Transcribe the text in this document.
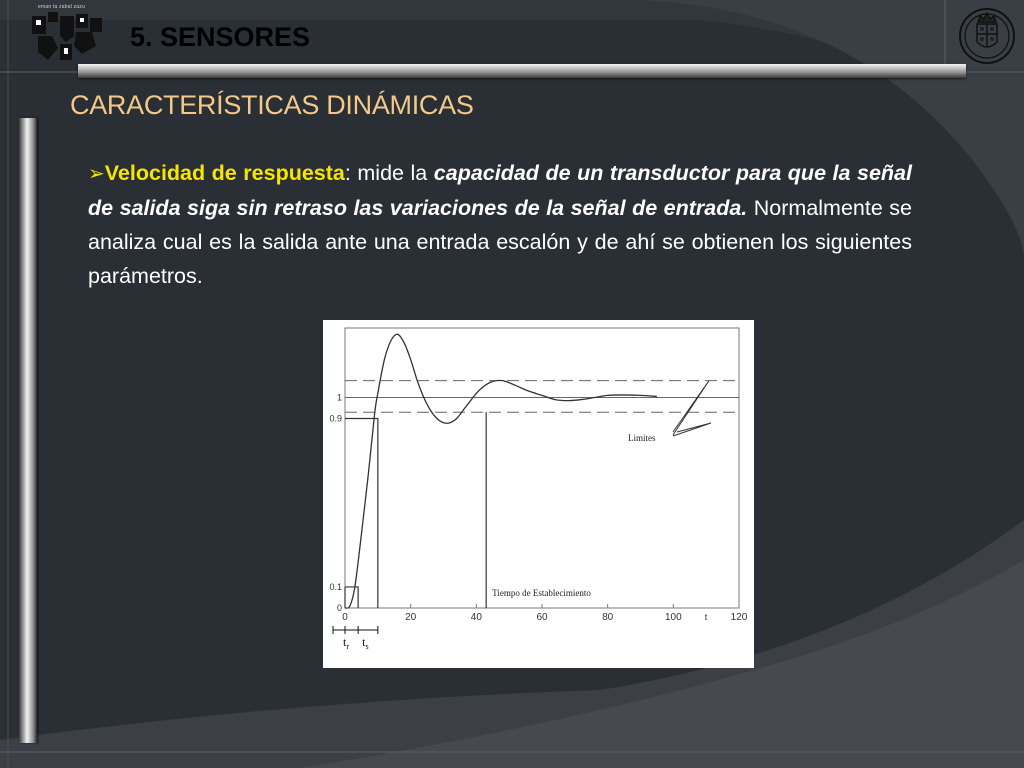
eman ta zabal zazu
5. SENSORES
CARACTERÍSTICAS DINÁMICAS

➢Velocidad de respuesta: mide la capacidad de un transductor para que la señal de salida siga sin retraso las variaciones de la señal de entrada. Normalmente se analiza cual es la salida ante una entrada escalón y de ahí se obtienen los siguientes parámetros.

0	20	40	60	80	100	120
0
0.1
0.9
1
t
Limites
Tiempo de Establecimiento
$t_r$ $t_s$
